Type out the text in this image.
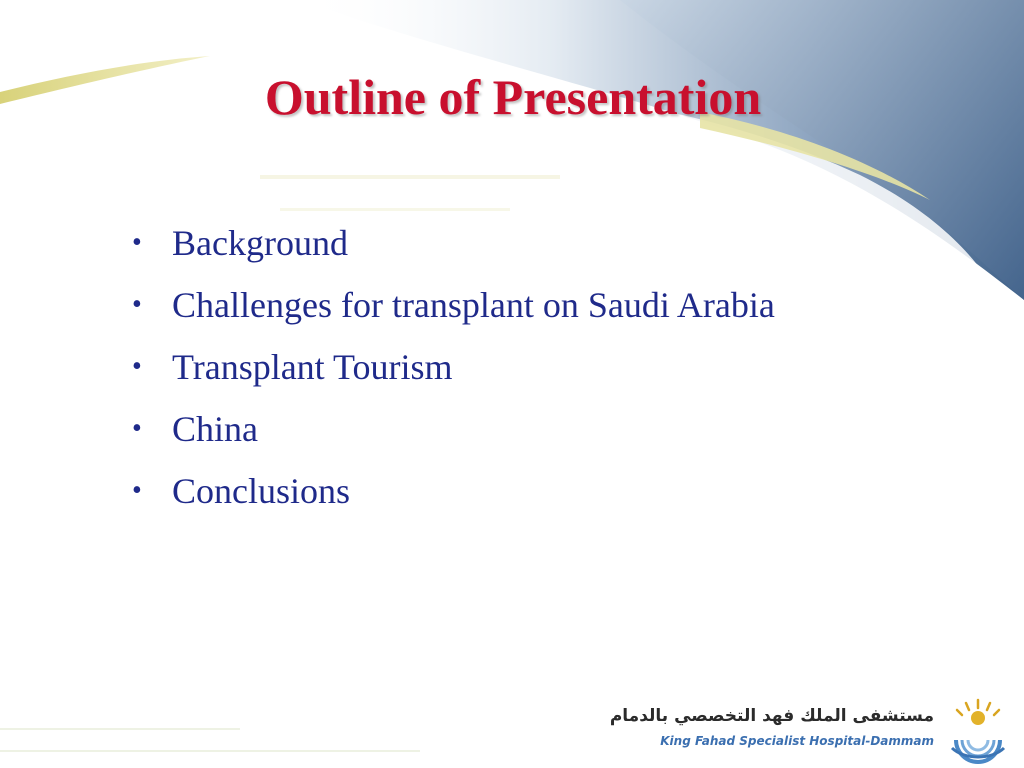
Outline of Presentation
• Background
• Challenges for transplant on Saudi Arabia
• Transplant Tourism
• China
• Conclusions
مستشفى الملك فهد التخصصي بالدمام
King Fahad Specialist Hospital-Dammam
